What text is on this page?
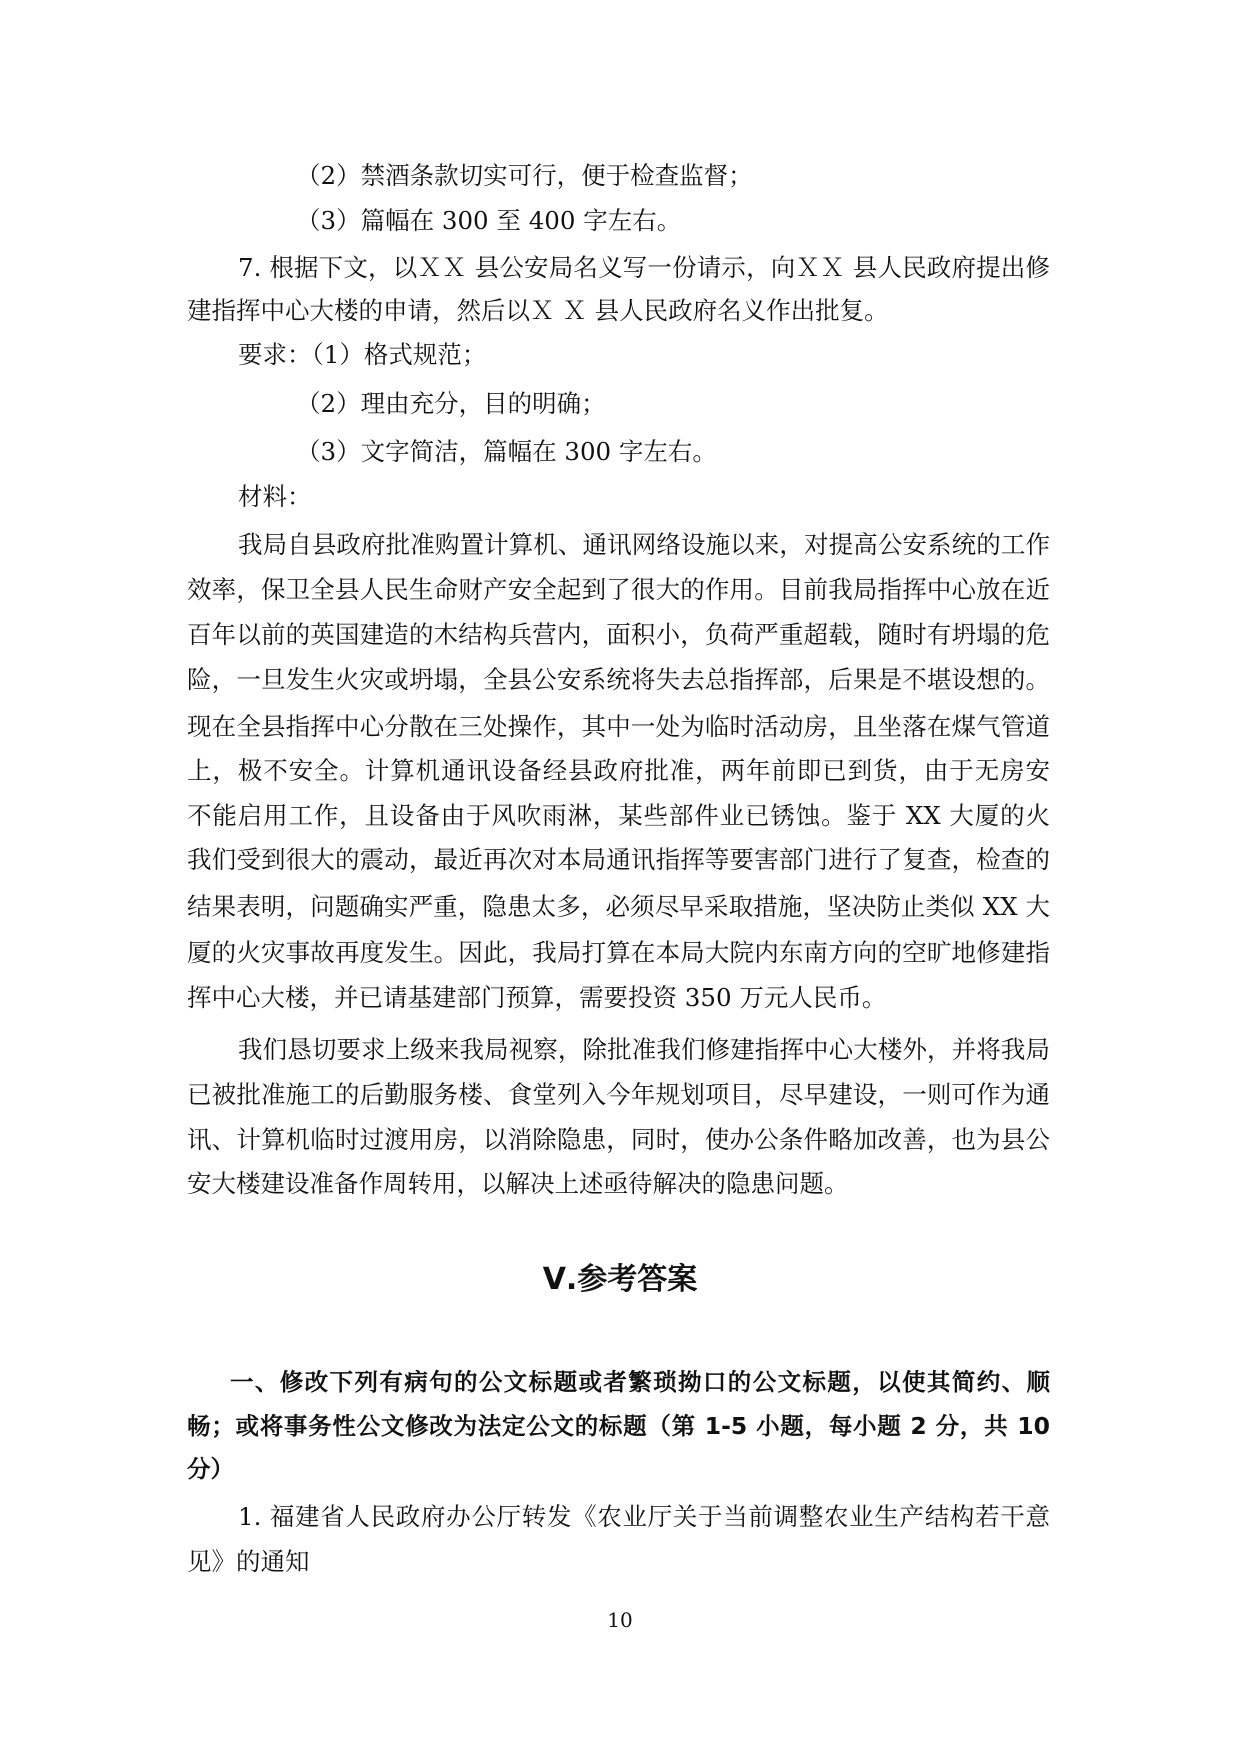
（2）禁酒条款切实可行，便于检查监督；
（3）篇幅在 300 至 400 字左右。
7. 根据下文，以ＸＸ 县公安局名义写一份请示，向ＸＸ 县人民政府提出修
建指挥中心大楼的申请，然后以Ｘ Ｘ 县人民政府名义作出批复。
要求：（1）格式规范；
（2）理由充分，目的明确；
（3）文字简洁，篇幅在 300 字左右。
材料：
我局自县政府批准购置计算机、通讯网络设施以来，对提高公安系统的工作
效率，保卫全县人民生命财产安全起到了很大的作用。目前我局指挥中心放在近
百年以前的英国建造的木结构兵营内，面积小，负荷严重超载，随时有坍塌的危
险，一旦发生火灾或坍塌，全县公安系统将失去总指挥部，后果是不堪设想的。
现在全县指挥中心分散在三处操作，其中一处为临时活动房，且坐落在煤气管道
上，极不安全。计算机通讯设备经县政府批准，两年前即已到货，由于无房安
不能启用工作，且设备由于风吹雨淋，某些部件业已锈蚀。鉴于 XX 大厦的火
我们受到很大的震动，最近再次对本局通讯指挥等要害部门进行了复查，检查的
结果表明，问题确实严重，隐患太多，必须尽早采取措施，坚决防止类似 XX 大
厦的火灾事故再度发生。因此，我局打算在本局大院内东南方向的空旷地修建指
挥中心大楼，并已请基建部门预算，需要投资 350 万元人民币。
我们恳切要求上级来我局视察，除批准我们修建指挥中心大楼外，并将我局
已被批准施工的后勤服务楼、食堂列入今年规划项目，尽早建设，一则可作为通
讯、计算机临时过渡用房，以消除隐患，同时，使办公条件略加改善，也为县公
安大楼建设准备作周转用，以解决上述亟待解决的隐患问题。
Ⅴ.参考答案
一、修改下列有病句的公文标题或者繁琐拗口的公文标题，以使其简约、顺
畅；或将事务性公文修改为法定公文的标题（第 1-5 小题，每小题 2 分，共 10
分）
1. 福建省人民政府办公厅转发《农业厅关于当前调整农业生产结构若干意
见》的通知
10
